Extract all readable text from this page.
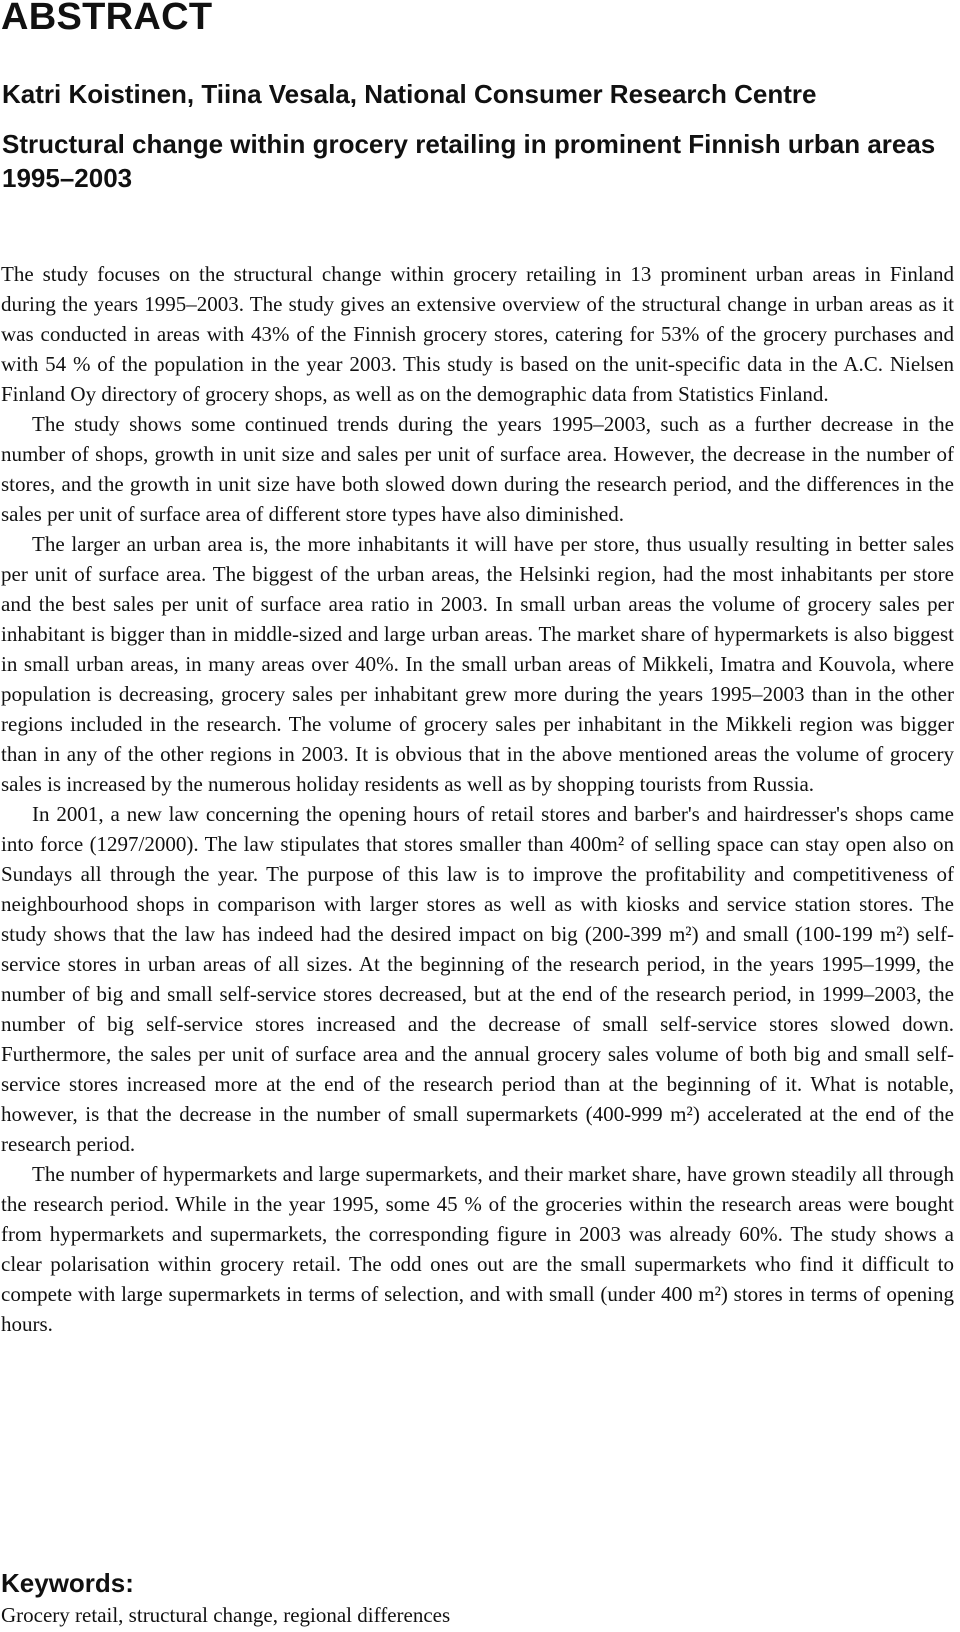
ABSTRACT
Katri Koistinen, Tiina Vesala, National Consumer Research Centre
Structural change within grocery retailing in prominent Finnish urban areas 1995–2003

The study focuses on the structural change within grocery retailing in 13 prominent urban areas in Finland during the years 1995–2003. The study gives an extensive overview of the structural change in urban areas as it was conducted in areas with 43% of the Finnish grocery stores, catering for 53% of the grocery purchases and with 54 % of the population in the year 2003. This study is based on the unit-specific data in the A.C. Nielsen Finland Oy directory of grocery shops, as well as on the demographic data from Statistics Finland.

The study shows some continued trends during the years 1995–2003, such as a further decrease in the number of shops, growth in unit size and sales per unit of surface area. However, the decrease in the number of stores, and the growth in unit size have both slowed down during the research period, and the differences in the sales per unit of surface area of different store types have also diminished.

The larger an urban area is, the more inhabitants it will have per store, thus usually resulting in better sales per unit of surface area. The biggest of the urban areas, the Helsinki region, had the most inhabitants per store and the best sales per unit of surface area ratio in 2003. In small urban areas the volume of grocery sales per inhabitant is bigger than in middle-sized and large urban areas. The market share of hypermarkets is also biggest in small urban areas, in many areas over 40%. In the small urban areas of Mikkeli, Imatra and Kouvola, where population is decreasing, grocery sales per inhabitant grew more during the years 1995–2003 than in the other regions included in the research. The volume of grocery sales per inhabitant in the Mikkeli region was bigger than in any of the other regions in 2003. It is obvious that in the above mentioned areas the volume of grocery sales is increased by the numerous holiday residents as well as by shopping tourists from Russia.

In 2001, a new law concerning the opening hours of retail stores and barber's and hairdresser's shops came into force (1297/2000). The law stipulates that stores smaller than 400m² of selling space can stay open also on Sundays all through the year. The purpose of this law is to improve the profitability and competitiveness of neighbourhood shops in comparison with larger stores as well as with kiosks and service station stores. The study shows that the law has indeed had the desired impact on big (200-399 m²) and small (100-199 m²) self-service stores in urban areas of all sizes. At the beginning of the research period, in the years 1995–1999, the number of big and small self-service stores decreased, but at the end of the research period, in 1999–2003, the number of big self-service stores increased and the decrease of small self-service stores slowed down. Furthermore, the sales per unit of surface area and the annual grocery sales volume of both big and small self-service stores increased more at the end of the research period than at the beginning of it. What is notable, however, is that the decrease in the number of small supermarkets (400-999 m²) accelerated at the end of the research period.

The number of hypermarkets and large supermarkets, and their market share, have grown steadily all through the research period. While in the year 1995, some 45 % of the groceries within the research areas were bought from hypermarkets and supermarkets, the corresponding figure in 2003 was already 60%. The study shows a clear polarisation within grocery retail. The odd ones out are the small supermarkets who find it difficult to compete with large supermarkets in terms of selection, and with small (under 400 m²) stores in terms of opening hours.

Keywords:
Grocery retail, structural change, regional differences
